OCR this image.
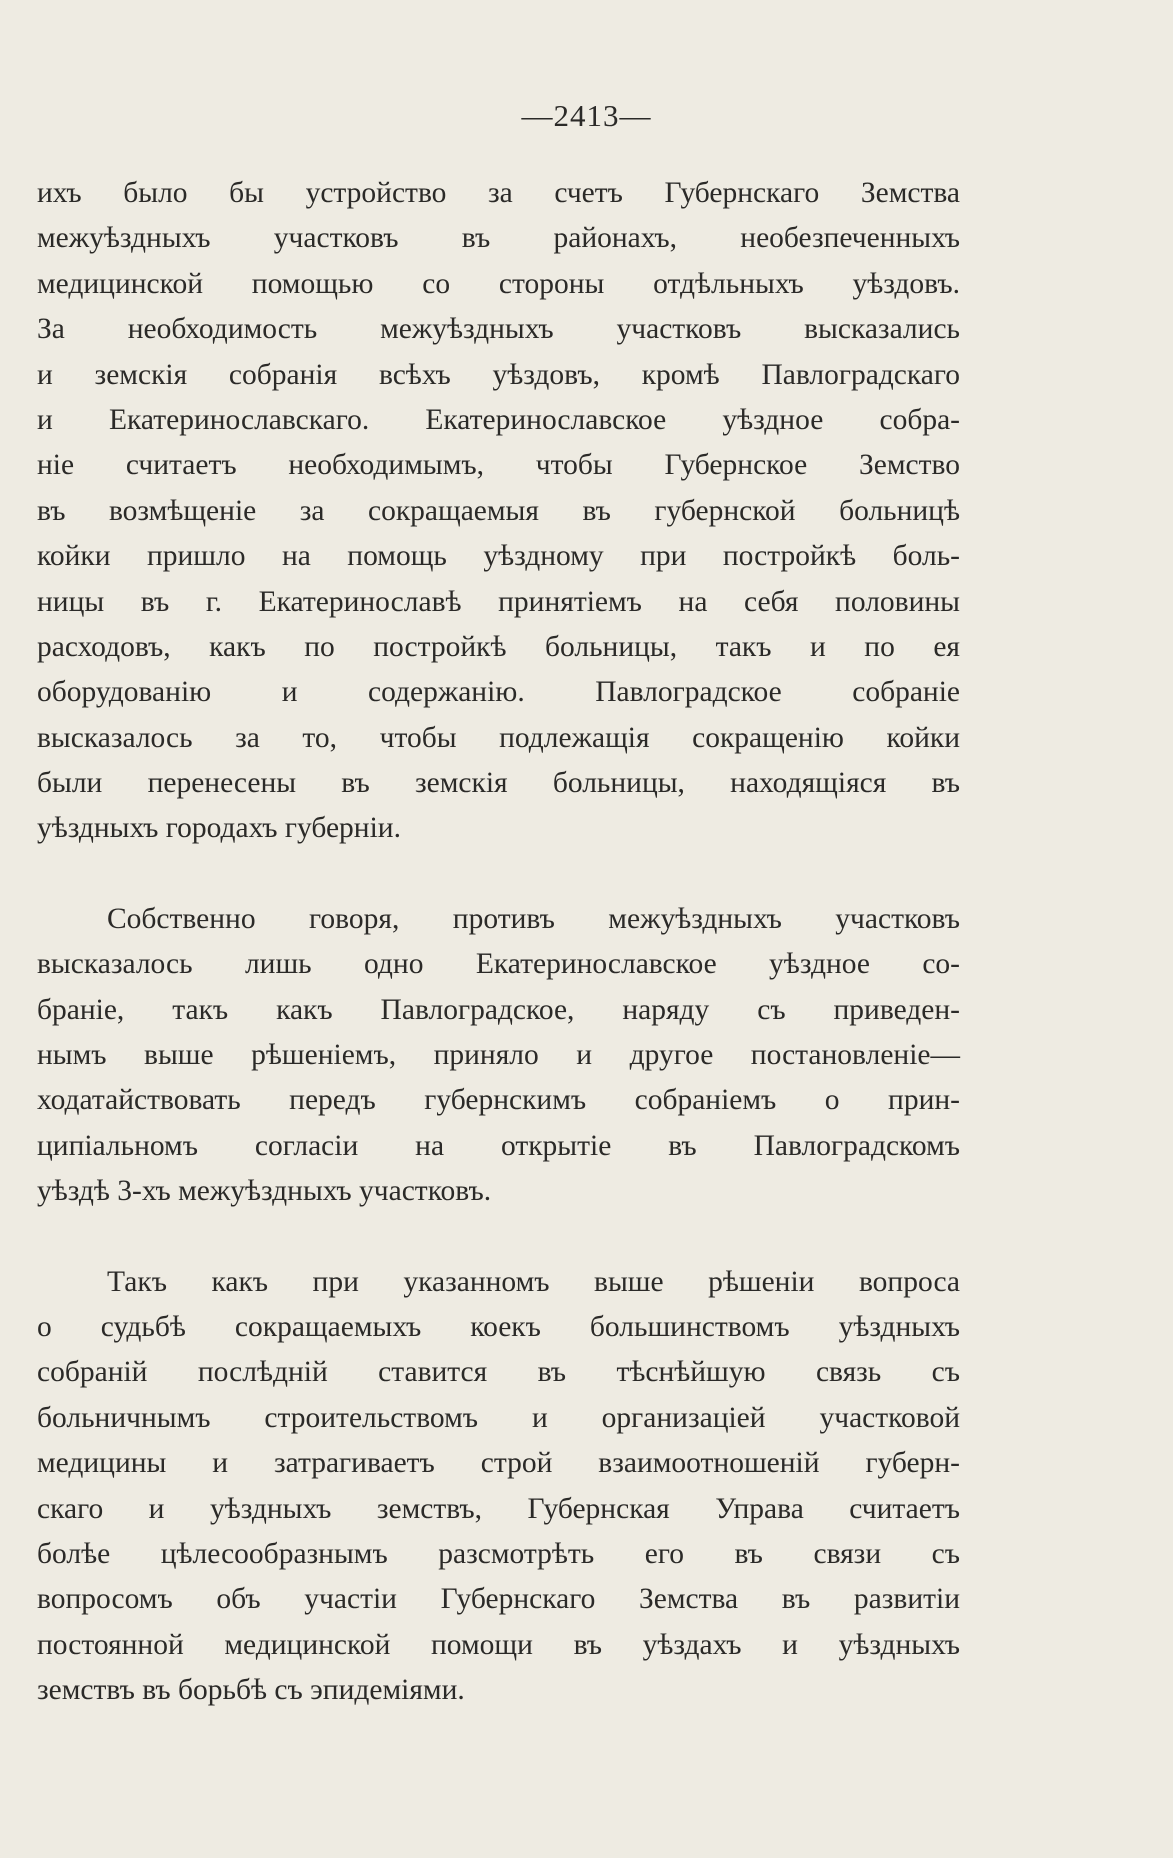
—2413—
ихъ было бы устройство за счетъ Губернскаго Земства
межуѣздныхъ участковъ въ районахъ, необезпеченныхъ
медицинской помощью со стороны отдѣльныхъ уѣздовъ.
За необходимость межуѣздныхъ участковъ высказались
и земскія собранія всѣхъ уѣздовъ, кромѣ Павлоградскаго
и Екатеринославскаго. Екатеринославское уѣздное собра-
ніе считаетъ необходимымъ, чтобы Губернское Земство
въ возмѣщеніе за сокращаемыя въ губернской больницѣ
койки пришло на помощь уѣздному при постройкѣ боль-
ницы въ г. Екатеринославѣ принятіемъ на себя половины
расходовъ, какъ по постройкѣ больницы, такъ и по ея
оборудованію и содержанію. Павлоградское собраніе
высказалось за то, чтобы подлежащія сокращенію койки
были перенесены въ земскія больницы, находящіяся въ
уѣздныхъ городахъ губерніи.
Собственно говоря, противъ межуѣздныхъ участковъ
высказалось лишь одно Екатеринославское уѣздное со-
браніе, такъ какъ Павлоградское, наряду съ приведен-
нымъ выше рѣшеніемъ, приняло и другое постановленіе—
ходатайствовать передъ губернскимъ собраніемъ о прин-
ципіальномъ согласіи на открытіе въ Павлоградскомъ
уѣздѣ 3-хъ межуѣздныхъ участковъ.
Такъ какъ при указанномъ выше рѣшеніи вопроса
о судьбѣ сокращаемыхъ коекъ большинствомъ уѣздныхъ
собраній послѣдній ставится въ тѣснѣйшую связь съ
больничнымъ строительствомъ и организаціей участковой
медицины и затрагиваетъ строй взаимоотношеній губерн-
скаго и уѣздныхъ земствъ, Губернская Управа считаетъ
болѣе цѣлесообразнымъ разсмотрѣть его въ связи съ
вопросомъ объ участіи Губернскаго Земства въ развитіи
постоянной медицинской помощи въ уѣздахъ и уѣздныхъ
земствъ въ борьбѣ съ эпидеміями.
